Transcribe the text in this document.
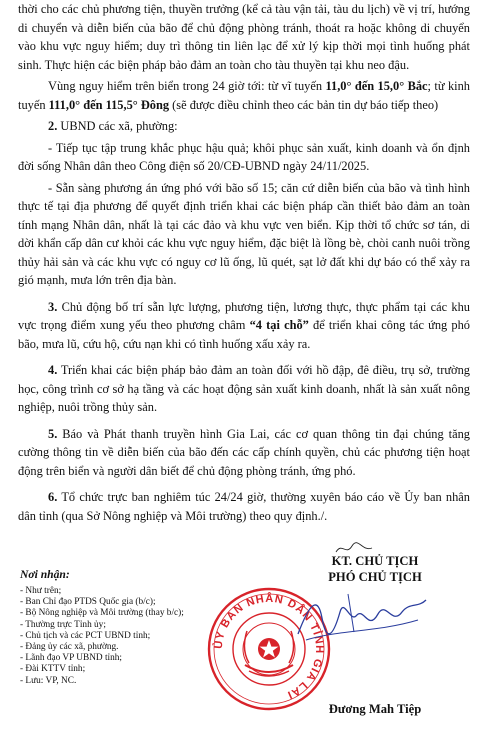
thời cho các chủ phương tiện, thuyền trưởng (kể cả tàu vận tải, tàu du lịch) về vị trí, hướng di chuyển và diễn biến của bão để chủ động phòng tránh, thoát ra hoặc không di chuyển vào khu vực nguy hiểm; duy trì thông tin liên lạc để xử lý kịp thời mọi tình huống phát sinh. Thực hiện các biện pháp bảo đảm an toàn cho tàu thuyền tại khu neo đậu.

Vùng nguy hiểm trên biển trong 24 giờ tới: từ vĩ tuyến 11,0° đến 15,0° Bắc; từ kinh tuyến 111,0° đến 115,5° Đông (sẽ được điều chỉnh theo các bản tin dự báo tiếp theo)

2. UBND các xã, phường:

- Tiếp tục tập trung khắc phục hậu quả; khôi phục sản xuất, kinh doanh và ổn định đời sống Nhân dân theo Công điện số 20/CĐ-UBND ngày 24/11/2025.

- Sẵn sàng phương án ứng phó với bão số 15; căn cứ diễn biến của bão và tình hình thực tế tại địa phương để quyết định triển khai các biện pháp cần thiết bảo đảm an toàn tính mạng Nhân dân, nhất là tại các đảo và khu vực ven biển. Kịp thời tổ chức sơ tán, di dời khẩn cấp dân cư khỏi các khu vực nguy hiểm, đặc biệt là lồng bè, chòi canh nuôi trồng thủy hải sản và các khu vực có nguy cơ lũ ống, lũ quét, sạt lở đất khi dự báo có thể xảy ra gió mạnh, mưa lớn trên địa bàn.

3. Chủ động bố trí sẵn lực lượng, phương tiện, lương thực, thực phẩm tại các khu vực trọng điểm xung yếu theo phương châm “4 tại chỗ” để triển khai công tác ứng phó bão, mưa lũ, cứu hộ, cứu nạn khi có tình huống xấu xảy ra.

4. Triển khai các biện pháp bảo đảm an toàn đối với hồ đập, đê điều, trụ sở, trường học, công trình cơ sở hạ tầng và các hoạt động sản xuất kinh doanh, nhất là sản xuất nông nghiệp, nuôi trồng thủy sản.

5. Báo và Phát thanh truyền hình Gia Lai, các cơ quan thông tin đại chúng tăng cường thông tin về diễn biến của bão đến các cấp chính quyền, chủ các phương tiện hoạt động trên biển và người dân biết để chủ động phòng tránh, ứng phó.

6. Tổ chức trực ban nghiêm túc 24/24 giờ, thường xuyên báo cáo về Ủy ban nhân dân tỉnh (qua Sở Nông nghiệp và Môi trường) theo quy định./.

Nơi nhận:
- Như trên;
- Ban Chỉ đạo PTDS Quốc gia (b/c);
- Bộ Nông nghiệp và Môi trường (thay b/c);
- Thường trực Tỉnh ủy;
- Chủ tịch và các PCT UBND tỉnh;
- Đảng ủy các xã, phường.
- Lãnh đạo VP UBND tỉnh;
- Đài KTTV tỉnh;
- Lưu: VP, NC.
KT. CHỦ TỊCH
PHÓ CHỦ TỊCH
ỦY BAN NHÂN DÂN TỈNH GIA LAI
Đương Mah Tiệp
